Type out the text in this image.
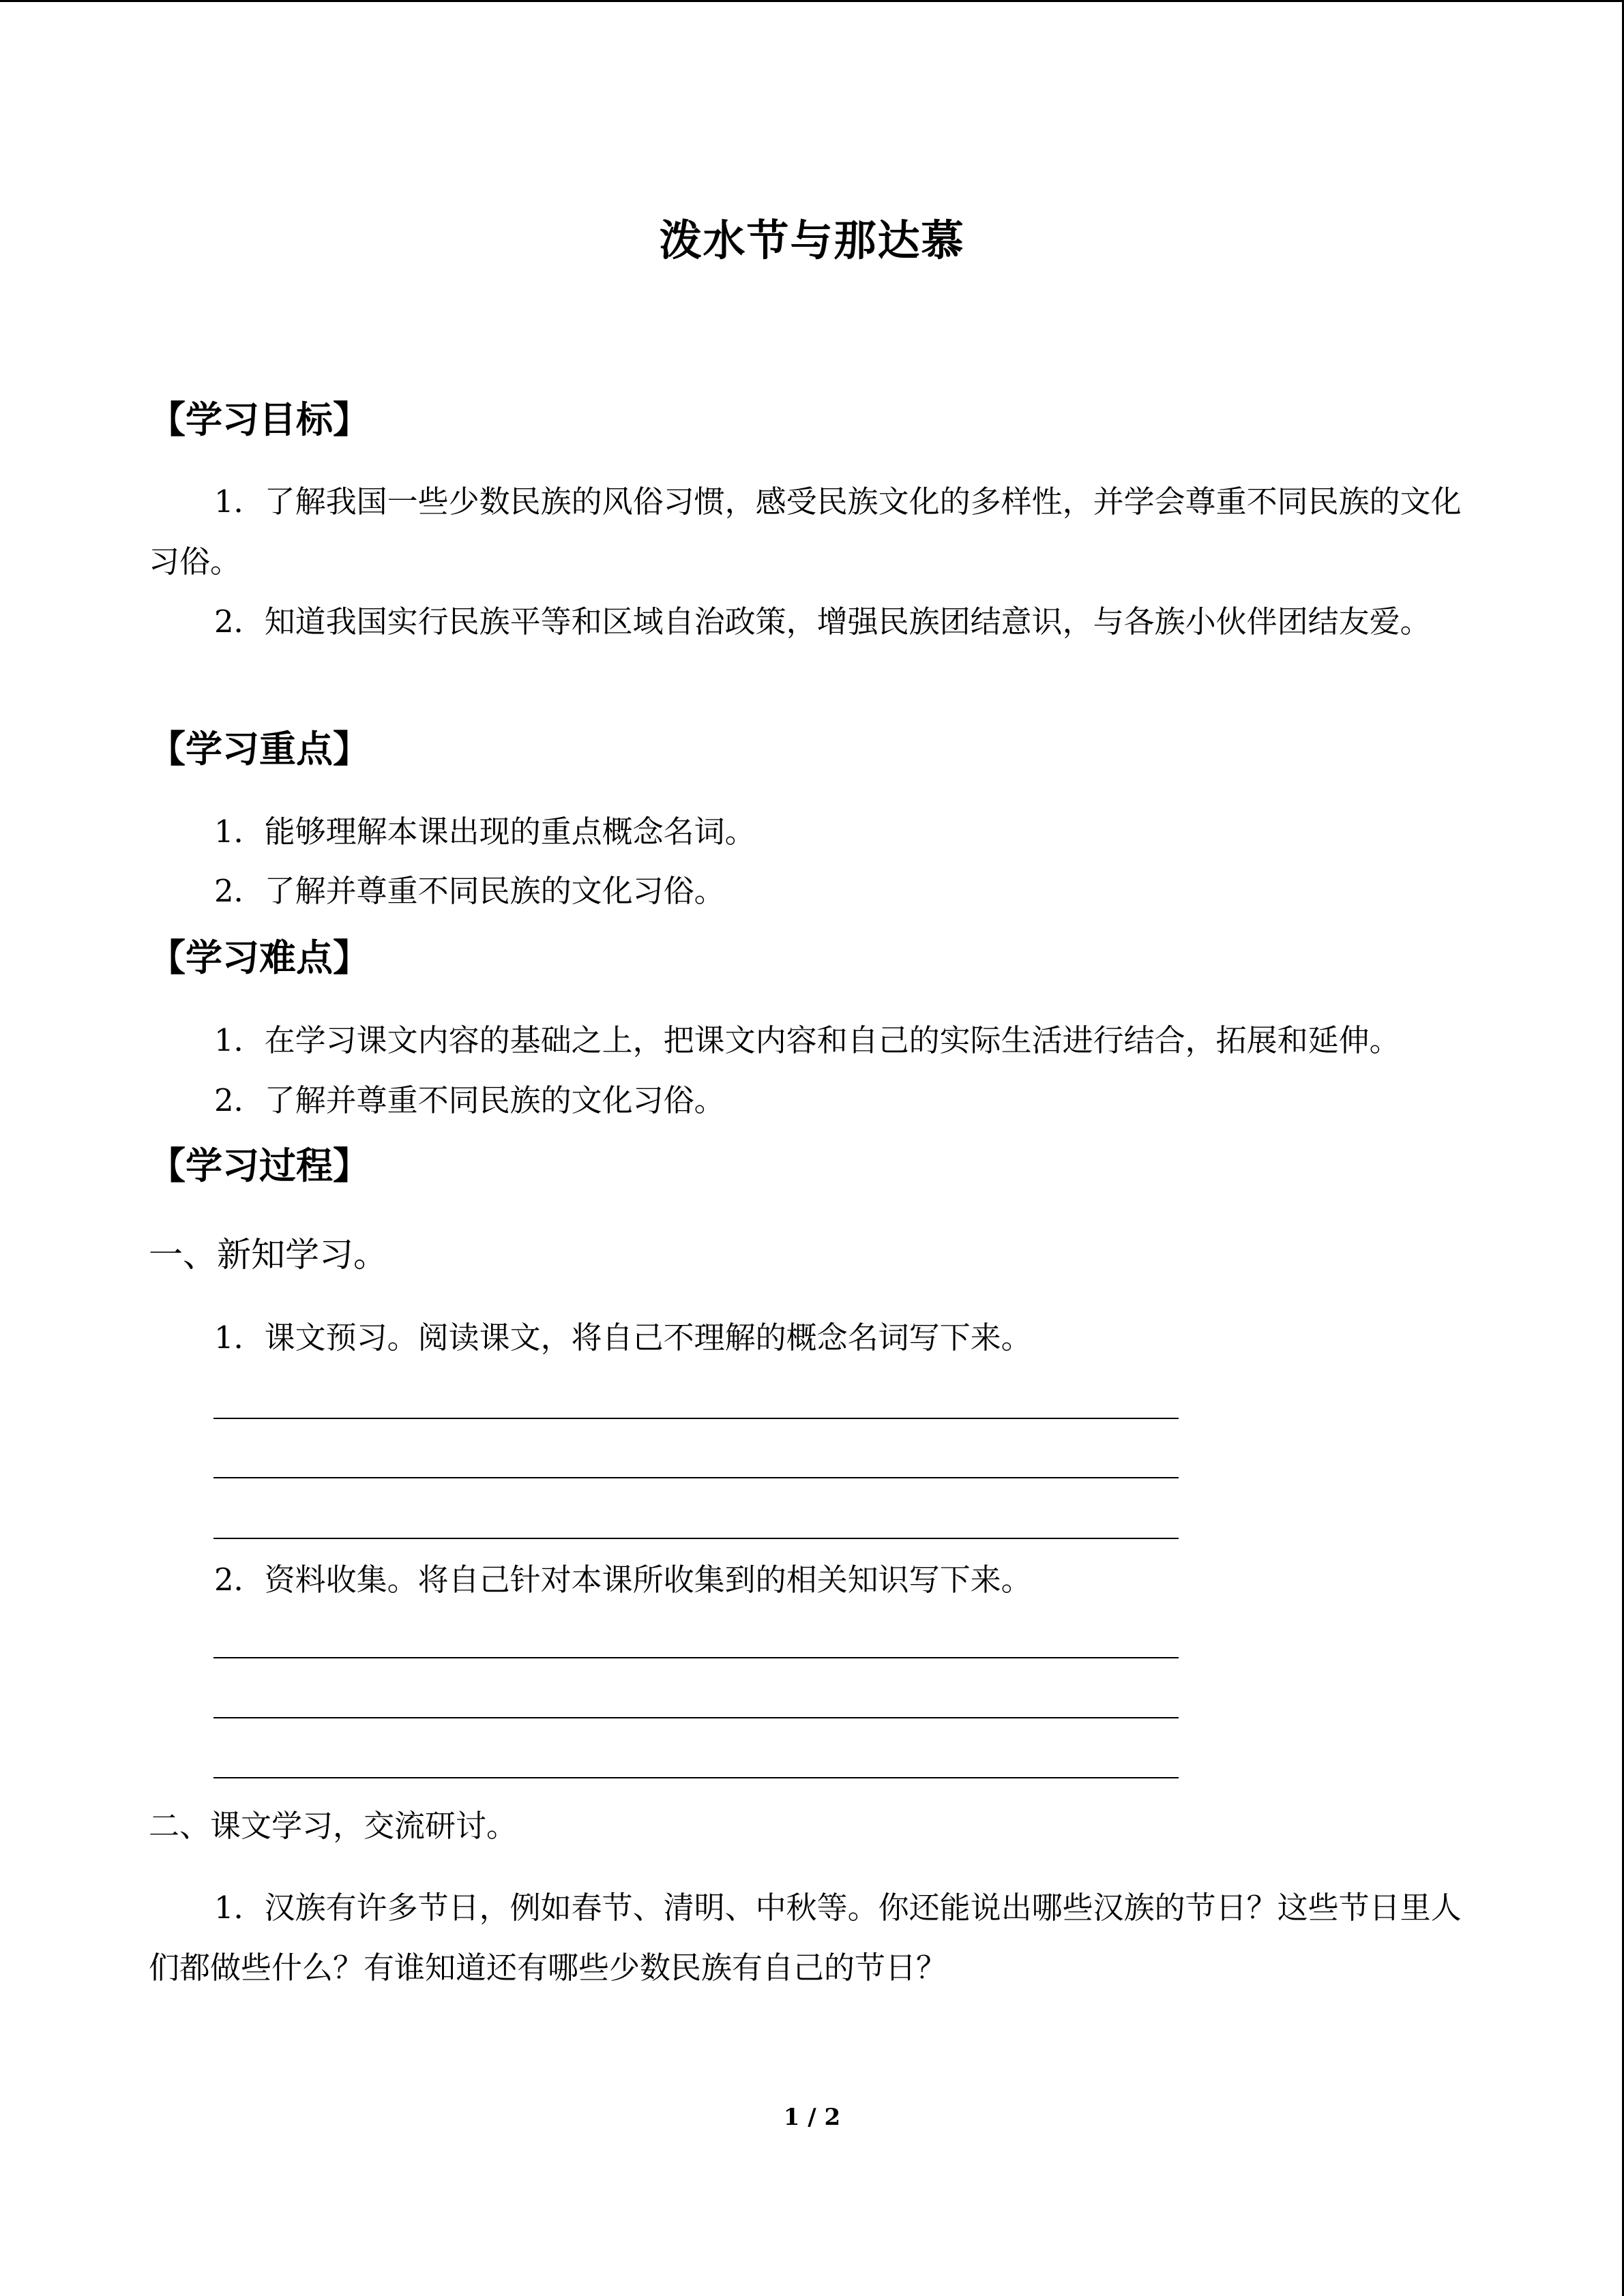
泼水节与那达慕
【学习目标】

1．了解我国一些少数民族的风俗习惯，感受民族文化的多样性，并学会尊重不同民族的文化习俗。

2．知道我国实行民族平等和区域自治政策，增强民族团结意识，与各族小伙伴团结友爱。

【学习重点】

1．能够理解本课出现的重点概念名词。

2．了解并尊重不同民族的文化习俗。

【学习难点】

1．在学习课文内容的基础之上，把课文内容和自己的实际生活进行结合，拓展和延伸。

2．了解并尊重不同民族的文化习俗。

【学习过程】
一、新知学习。

1．课文预习。阅读课文，将自己不理解的概念名词写下来。

2．资料收集。将自己针对本课所收集到的相关知识写下来。

二、课文学习，交流研讨。

1．汉族有许多节日，例如春节、清明、中秋等。你还能说出哪些汉族的节日？这些节日里人们都做些什么？有谁知道还有哪些少数民族有自己的节日？

1 / 2
